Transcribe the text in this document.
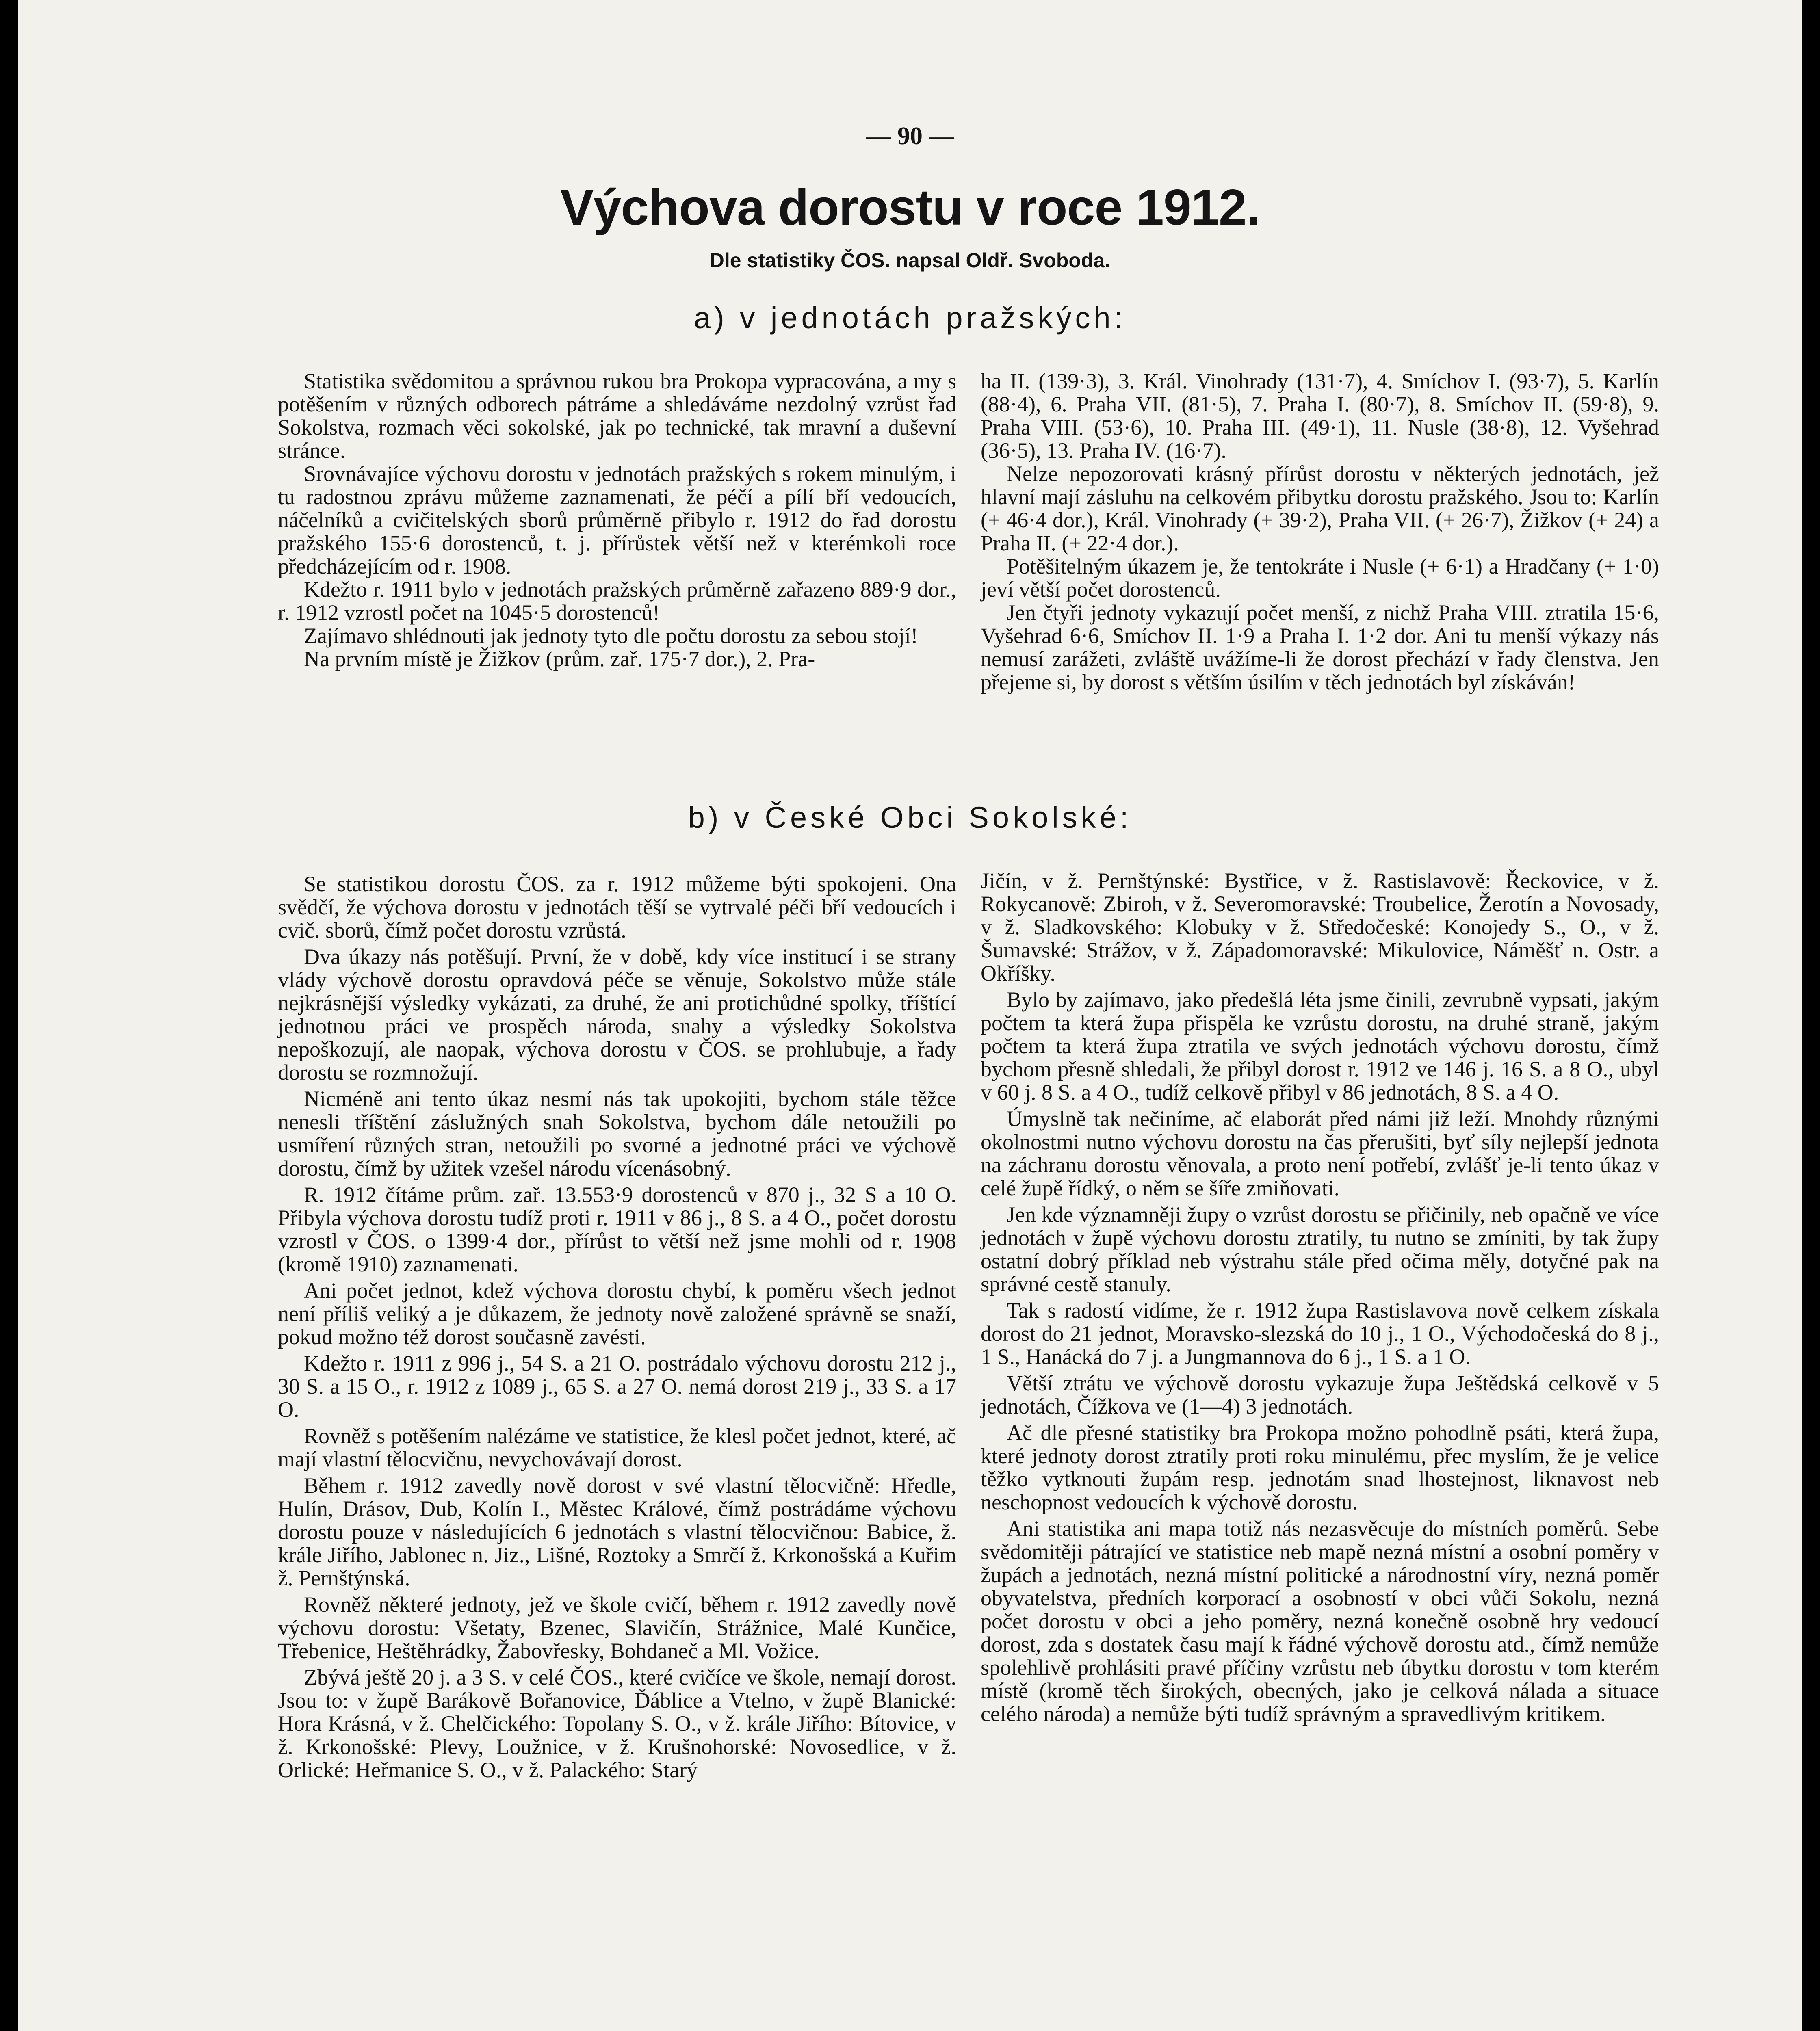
— 90 —
Výchova dorostu v roce 1912.
Dle statistiky ČOS. napsal Oldř. Svoboda.
a) v jednotách pražských:

Statistika svědomitou a správnou rukou bra Prokopa vypracována, a my s potěšením v různých odborech pátráme a shledáváme nezdolný vzrůst řad Sokolstva, rozmach věci sokolské, jak po technické, tak mravní a duševní stránce.

Srovnávajíce výchovu dorostu v jednotách pražských s rokem minulým, i tu radostnou zprávu můžeme zaznamenati, že péčí a pílí bří vedoucích, náčelníků a cvičitelských sborů průměrně přibylo r. 1912 do řad dorostu pražského 155·6 dorostenců, t. j. přírůstek větší než v kterémkoli roce předcházejícím od r. 1908.

Kdežto r. 1911 bylo v jednotách pražských průměrně zařazeno 889·9 dor., r. 1912 vzrostl počet na 1045·5 dorostenců!

Zajímavo shlédnouti jak jednoty tyto dle počtu dorostu za sebou stojí!

Na prvním místě je Žižkov (prům. zař. 175·7 dor.), 2. Pra-

ha II. (139·3), 3. Král. Vinohrady (131·7), 4. Smíchov I. (93·7), 5. Karlín (88·4), 6. Praha VII. (81·5), 7. Praha I. (80·7), 8. Smíchov II. (59·8), 9. Praha VIII. (53·6), 10. Praha III. (49·1), 11. Nusle (38·8), 12. Vyšehrad (36·5), 13. Praha IV. (16·7).

Nelze nepozorovati krásný přírůst dorostu v některých jednotách, jež hlavní mají zásluhu na celkovém přibytku dorostu pražského. Jsou to: Karlín (+ 46·4 dor.), Král. Vinohrady (+ 39·2), Praha VII. (+ 26·7), Žižkov (+ 24) a Praha II. (+ 22·4 dor.).

Potěšitelným úkazem je, že tentokráte i Nusle (+ 6·1) a Hradčany (+ 1·0) jeví větší počet dorostenců.

Jen čtyři jednoty vykazují počet menší, z nichž Praha VIII. ztratila 15·6, Vyšehrad 6·6, Smíchov II. 1·9 a Praha I. 1·2 dor. Ani tu menší výkazy nás nemusí zarážeti, zvláště uvážíme-li že dorost přechází v řady členstva. Jen přejeme si, by dorost s větším úsilím v těch jednotách byl získáván!

b) v České Obci Sokolské:

Se statistikou dorostu ČOS. za r. 1912 můžeme býti spokojeni. Ona svědčí, že výchova dorostu v jednotách těší se vytrvalé péči bří vedoucích i cvič. sborů, čímž počet dorostu vzrůstá.

Dva úkazy nás potěšují. První, že v době, kdy více institucí i se strany vlády výchově dorostu opravdová péče se věnuje, Sokolstvo může stále nejkrásnější výsledky vykázati, za druhé, že ani protichůdné spolky, tříštící jednotnou práci ve prospěch národa, snahy a výsledky Sokolstva nepoškozují, ale naopak, výchova dorostu v ČOS. se prohlubuje, a řady dorostu se rozmnožují.

Nicméně ani tento úkaz nesmí nás tak upokojiti, bychom stále těžce nenesli tříštění záslužných snah Sokolstva, bychom dále netoužili po usmíření různých stran, netoužili po svorné a jednotné práci ve výchově dorostu, čímž by užitek vzešel národu vícenásobný.

R. 1912 čítáme prům. zař. 13.553·9 dorostenců v 870 j., 32 S a 10 O. Přibyla výchova dorostu tudíž proti r. 1911 v 86 j., 8 S. a 4 O., počet dorostu vzrostl v ČOS. o 1399·4 dor., přírůst to větší než jsme mohli od r. 1908 (kromě 1910) zaznamenati.

Ani počet jednot, kdež výchova dorostu chybí, k poměru všech jednot není příliš veliký a je důkazem, že jednoty nově založené správně se snaží, pokud možno též dorost současně zavésti.

Kdežto r. 1911 z 996 j., 54 S. a 21 O. postrádalo výchovu dorostu 212 j., 30 S. a 15 O., r. 1912 z 1089 j., 65 S. a 27 O. nemá dorost 219 j., 33 S. a 17 O.

Rovněž s potěšením nalézáme ve statistice, že klesl počet jednot, které, ač mají vlastní tělocvičnu, nevychovávají dorost.

Během r. 1912 zavedly nově dorost v své vlastní tělocvičně: Hředle, Hulín, Drásov, Dub, Kolín I., Městec Králové, čímž postrádáme výchovu dorostu pouze v následujících 6 jednotách s vlastní tělocvičnou: Babice, ž. krále Jiřího, Jablonec n. Jiz., Lišné, Roztoky a Smrčí ž. Krkonošská a Kuřim ž. Pernštýnská.

Rovněž některé jednoty, jež ve škole cvičí, během r. 1912 zavedly nově výchovu dorostu: Všetaty, Bzenec, Slavičín, Strážnice, Malé Kunčice, Třebenice, Heštěhrádky, Žabovřesky, Bohdaneč a Ml. Vožice.

Zbývá ještě 20 j. a 3 S. v celé ČOS., které cvičíce ve škole, nemají dorost. Jsou to: v župě Barákově Bořanovice, Ďáblice a Vtelno, v župě Blanické: Hora Krásná, v ž. Chelčického: Topolany S. O., v ž. krále Jiřího: Bítovice, v ž. Krkonošské: Plevy, Loužnice, v ž. Krušnohorské: Novosedlice, v ž. Orlické: Heřmanice S. O., v ž. Palackého: Starý

Jičín, v ž. Pernštýnské: Bystřice, v ž. Rastislavově: Řeckovice, v ž. Rokycanově: Zbiroh, v ž. Severomoravské: Troubelice, Žerotín a Novosady, v ž. Sladkovského: Klobuky v ž. Středočeské: Konojedy S., O., v ž. Šumavské: Strážov, v ž. Západomoravské: Mikulovice, Náměšť n. Ostr. a Okříšky.

Bylo by zajímavo, jako předešlá léta jsme činili, zevrubně vypsati, jakým počtem ta která župa přispěla ke vzrůstu dorostu, na druhé straně, jakým počtem ta která župa ztratila ve svých jednotách výchovu dorostu, čímž bychom přesně shledali, že přibyl dorost r. 1912 ve 146 j. 16 S. a 8 O., ubyl v 60 j. 8 S. a 4 O., tudíž celkově přibyl v 86 jednotách, 8 S. a 4 O.

Úmyslně tak nečiníme, ač elaborát před námi již leží. Mnohdy různými okolnostmi nutno výchovu dorostu na čas přerušiti, byť síly nejlepší jednota na záchranu dorostu věnovala, a proto není potřebí, zvlášť je-li tento úkaz v celé župě řídký, o něm se šíře zmiňovati.

Jen kde významněji župy o vzrůst dorostu se přičinily, neb opačně ve více jednotách v župě výchovu dorostu ztratily, tu nutno se zmíniti, by tak župy ostatní dobrý příklad neb výstrahu stále před očima měly, dotyčné pak na správné cestě stanuly.

Tak s radostí vidíme, že r. 1912 župa Rastislavova nově celkem získala dorost do 21 jednot, Moravsko-slezská do 10 j., 1 O., Východočeská do 8 j., 1 S., Hanácká do 7 j. a Jungmannova do 6 j., 1 S. a 1 O.

Větší ztrátu ve výchově dorostu vykazuje župa Ještědská celkově v 5 jednotách, Čížkova ve (1—4) 3 jednotách.

Ač dle přesné statistiky bra Prokopa možno pohodlně psáti, která župa, které jednoty dorost ztratily proti roku minulému, přec myslím, že je velice těžko vytknouti župám resp. jednotám snad lhostejnost, liknavost neb neschopnost vedoucích k výchově dorostu.

Ani statistika ani mapa totiž nás nezasvěcuje do místních poměrů. Sebe svědomitěji pátrající ve statistice neb mapě nezná místní a osobní poměry v župách a jednotách, nezná místní politické a národnostní víry, nezná poměr obyvatelstva, předních korporací a osobností v obci vůči Sokolu, nezná počet dorostu v obci a jeho poměry, nezná konečně osobně hry vedoucí dorost, zda s dostatek času mají k řádné výchově dorostu atd., čímž nemůže spolehlivě prohlásiti pravé příčiny vzrůstu neb úbytku dorostu v tom kterém místě (kromě těch širokých, obecných, jako je celková nálada a situace celého národa) a nemůže býti tudíž správným a spravedlivým kritikem.
